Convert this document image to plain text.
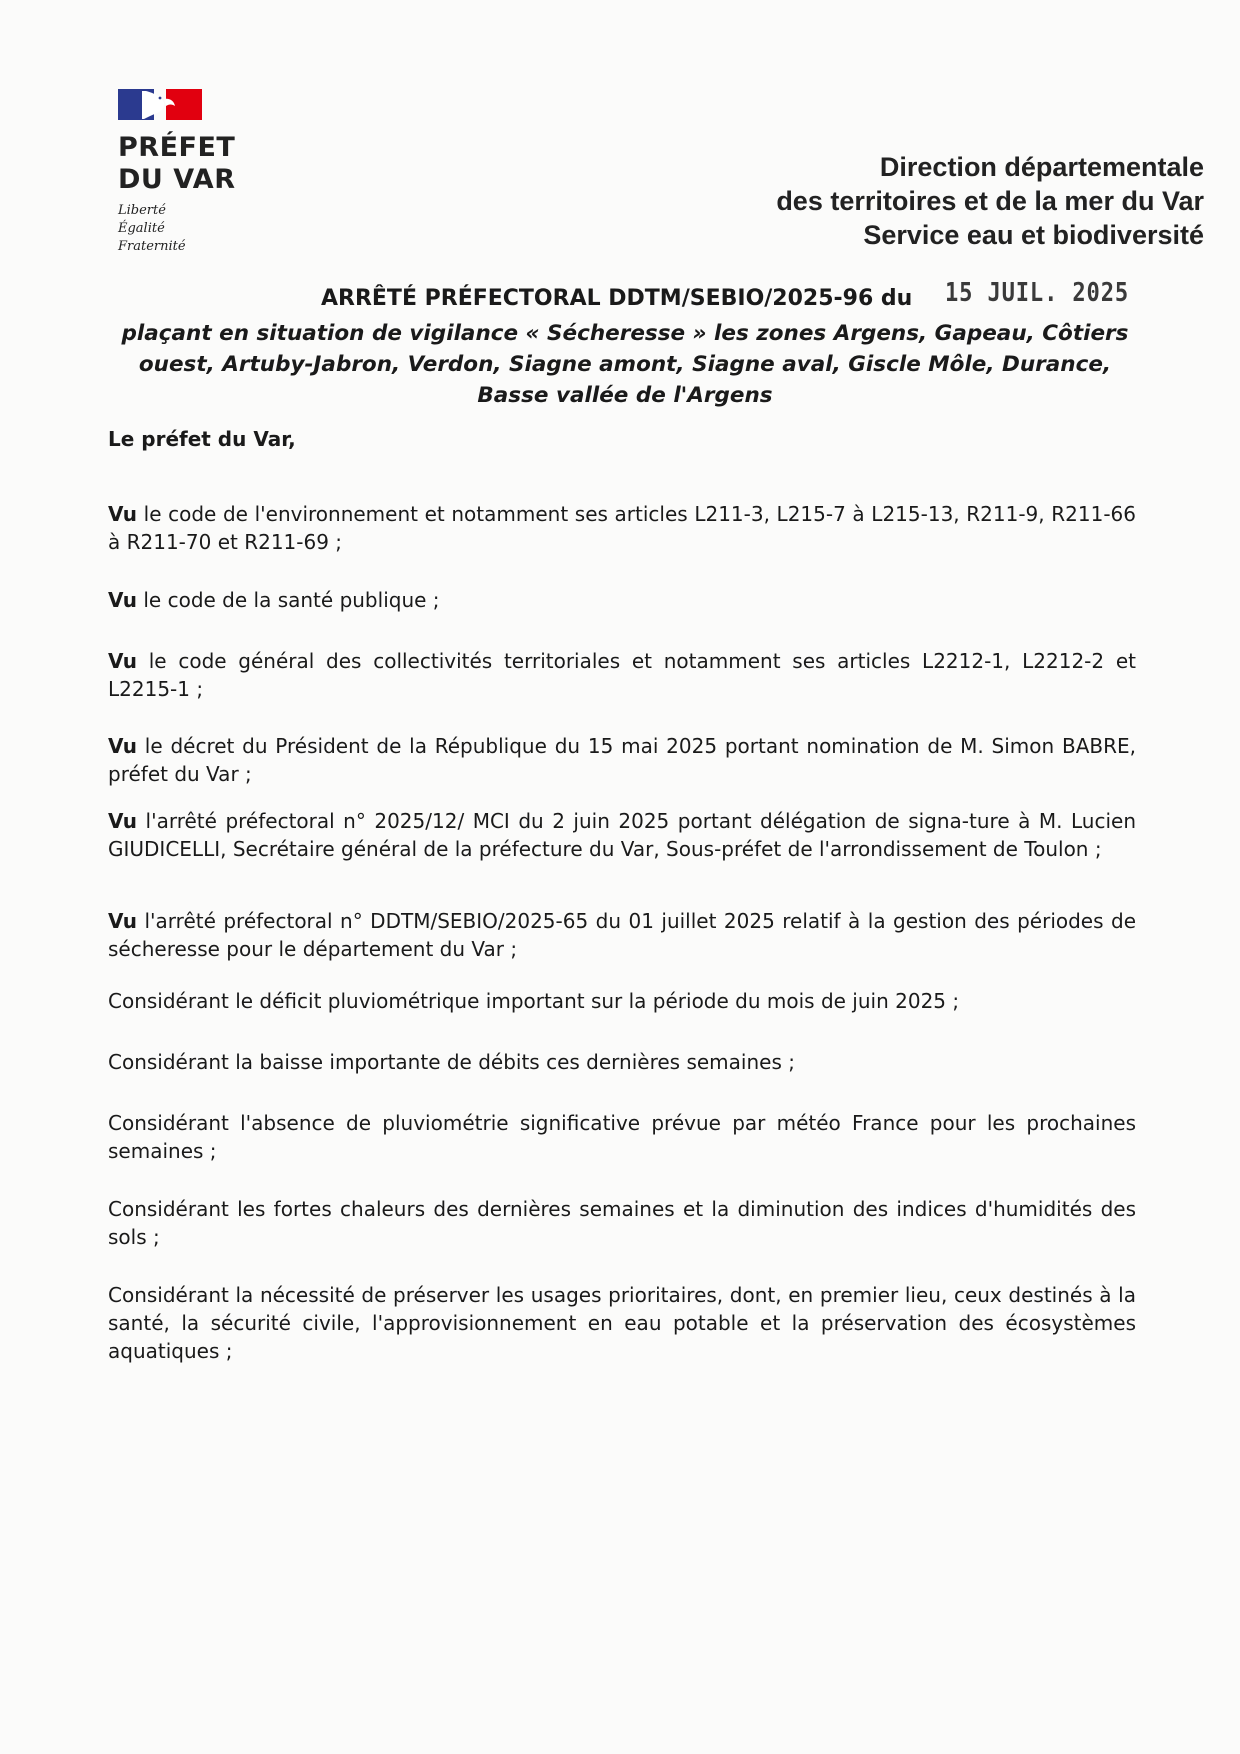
PRÉFET
DU VAR
Liberté
Égalité
Fraternité
Direction départementale
des territoires et de la mer du Var
Service eau et biodiversité
ARRÊTÉ PRÉFECTORAL DDTM/SEBIO/2025-96 du 15 JUIL. 2025
plaçant en situation de vigilance « Sécheresse » les zones Argens, Gapeau, Côtiers ouest, Artuby-Jabron, Verdon, Siagne amont, Siagne aval, Giscle Môle, Durance, Basse vallée de l'Argens
Le préfet du Var,
Vu le code de l'environnement et notamment ses articles L211-3, L215-7 à L215-13, R211-9, R211-66 à R211-70 et R211-69 ;
Vu le code de la santé publique ;
Vu le code général des collectivités territoriales et notamment ses articles L2212-1, L2212-2 et L2215-1 ;
Vu le décret du Président de la République du 15 mai 2025 portant nomination de M. Simon BABRE, préfet du Var ;
Vu l'arrêté préfectoral n° 2025/12/ MCI du 2 juin 2025 portant délégation de signa-ture à M. Lucien GIUDICELLI, Secrétaire général de la préfecture du Var, Sous-préfet de l'arrondissement de Toulon ;
Vu l'arrêté préfectoral n° DDTM/SEBIO/2025-65 du 01 juillet 2025 relatif à la gestion des périodes de sécheresse pour le département du Var ;
Considérant le déficit pluviométrique important sur la période du mois de juin 2025 ;
Considérant la baisse importante de débits ces dernières semaines ;
Considérant l'absence de pluviométrie significative prévue par météo France pour les prochaines semaines ;
Considérant les fortes chaleurs des dernières semaines et la diminution des indices d'humidités des sols ;
Considérant la nécessité de préserver les usages prioritaires, dont, en premier lieu, ceux destinés à la santé, la sécurité civile, l'approvisionnement en eau potable et la préservation des écosystèmes aquatiques ;
